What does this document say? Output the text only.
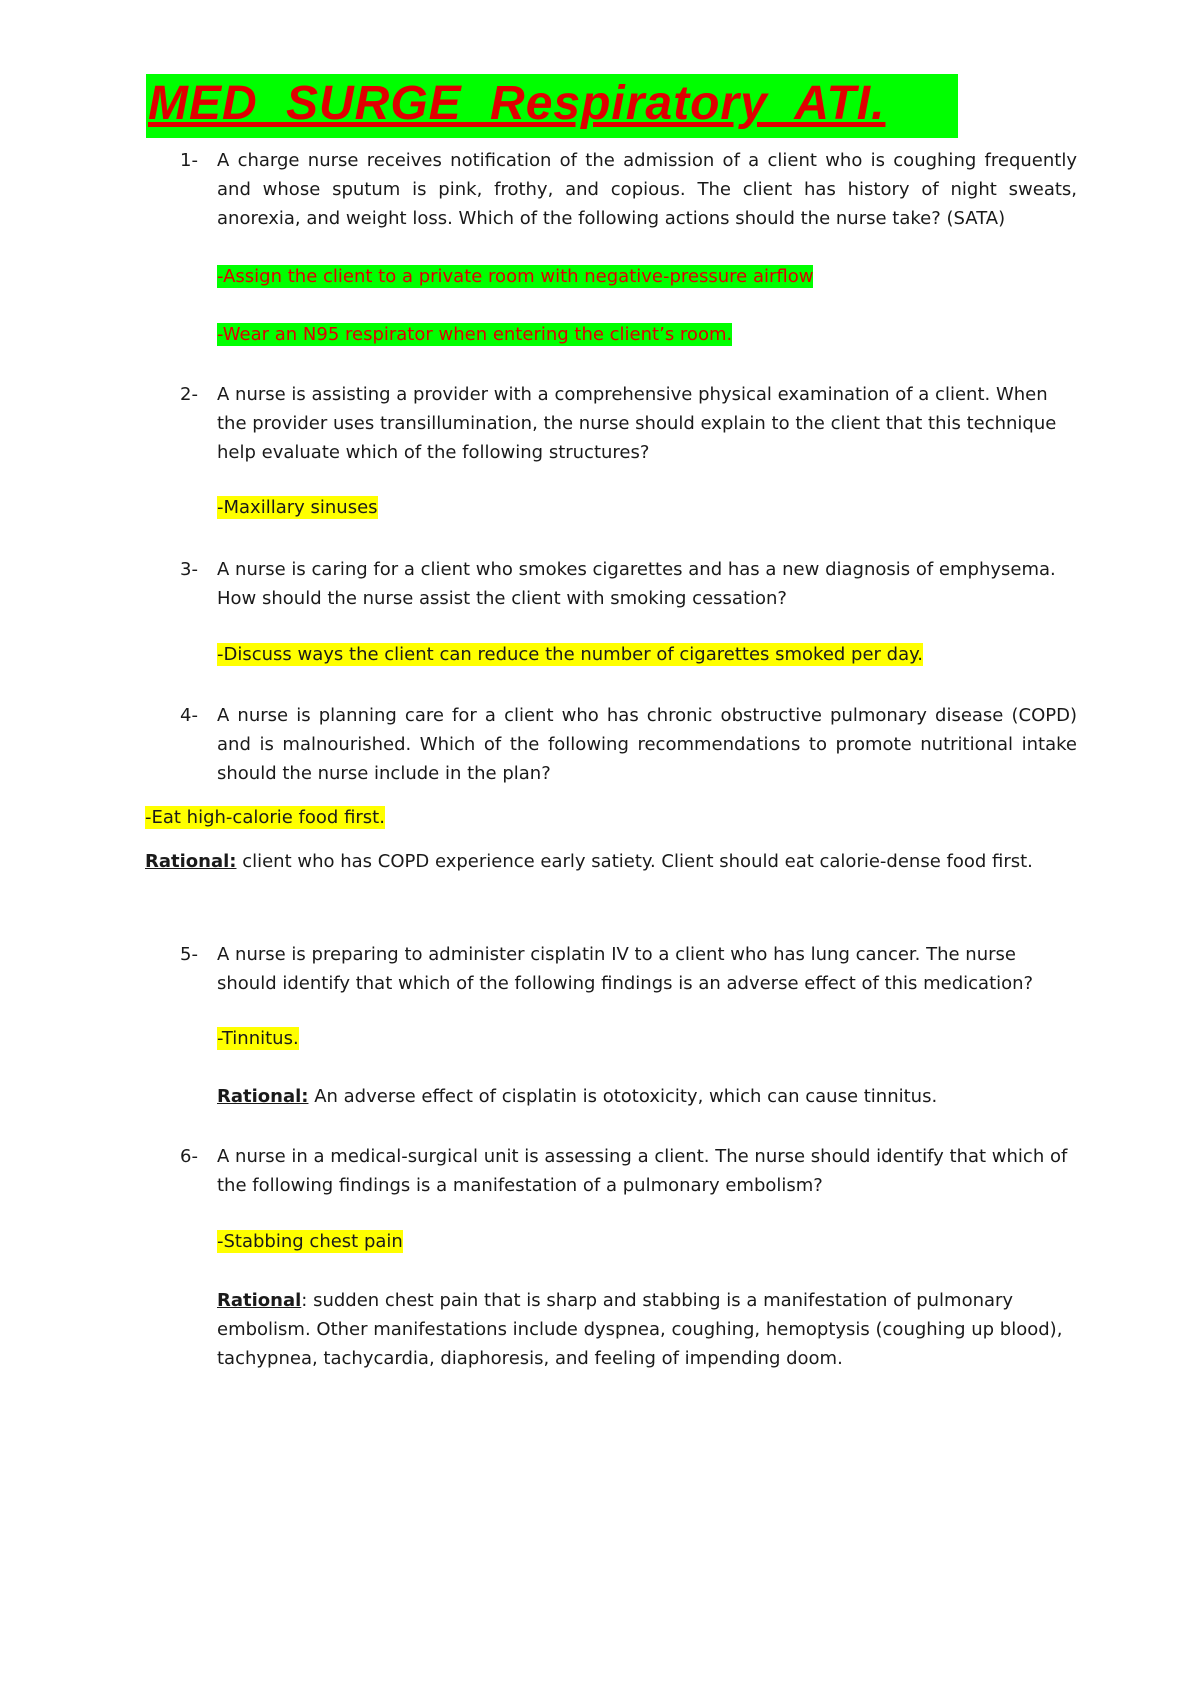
MED SURGE Respiratory ATI.
1- A charge nurse receives notification of the admission of a client who is coughing frequently and whose sputum is pink, frothy, and copious. The client has history of night sweats, anorexia, and weight loss. Which of the following actions should the nurse take? (SATA)
-Assign the client to a private room with negative-pressure airflow
-Wear an N95 respirator when entering the client’s room.
2- A nurse is assisting a provider with a comprehensive physical examination of a client. When the provider uses transillumination, the nurse should explain to the client that this technique help evaluate which of the following structures?
-Maxillary sinuses
3- A nurse is caring for a client who smokes cigarettes and has a new diagnosis of emphysema. How should the nurse assist the client with smoking cessation?
-Discuss ways the client can reduce the number of cigarettes smoked per day.
4- A nurse is planning care for a client who has chronic obstructive pulmonary disease (COPD) and is malnourished. Which of the following recommendations to promote nutritional intake should the nurse include in the plan?
-Eat high-calorie food first.
Rational: client who has COPD experience early satiety. Client should eat calorie-dense food first.
5- A nurse is preparing to administer cisplatin IV to a client who has lung cancer. The nurse should identify that which of the following findings is an adverse effect of this medication?
-Tinnitus.
Rational: An adverse effect of cisplatin is ototoxicity, which can cause tinnitus.
6- A nurse in a medical-surgical unit is assessing a client. The nurse should identify that which of the following findings is a manifestation of a pulmonary embolism?
-Stabbing chest pain
Rational: sudden chest pain that is sharp and stabbing is a manifestation of pulmonary embolism. Other manifestations include dyspnea, coughing, hemoptysis (coughing up blood), tachypnea, tachycardia, diaphoresis, and feeling of impending doom.
